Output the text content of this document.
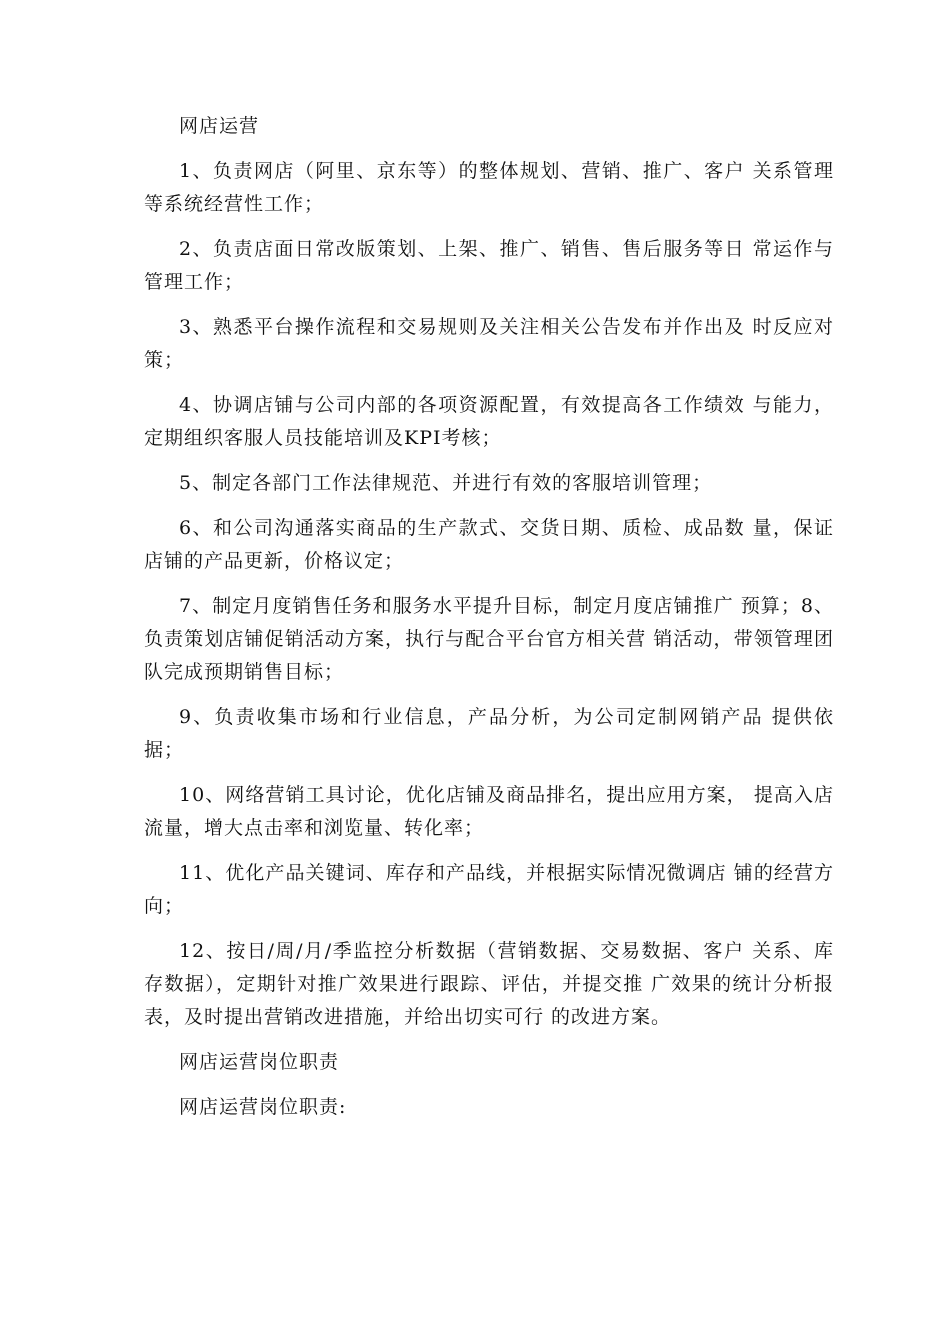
网店运营

1、负责网店（阿里、京东等）的整体规划、营销、推广、客户 关系管理等系统经营性工作；

2、负责店面日常改版策划、上架、推广、销售、售后服务等日 常运作与管理工作；

3、熟悉平台操作流程和交易规则及关注相关公告发布并作出及 时反应对策；

4、协调店铺与公司内部的各项资源配置，有效提高各工作绩效 与能力，定期组织客服人员技能培训及KPI考核；

5、制定各部门工作法律规范、并进行有效的客服培训管理；

6、和公司沟通落实商品的生产款式、交货日期、质检、成品数 量，保证店铺的产品更新，价格议定；

7、制定月度销售任务和服务水平提升目标，制定月度店铺推广 预算；8、负责策划店铺促销活动方案，执行与配合平台官方相关营 销活动，带领管理团队完成预期销售目标；

9、负责收集市场和行业信息，产品分析，为公司定制网销产品 提供依据；

10、网络营销工具讨论，优化店铺及商品排名，提出应用方案， 提高入店流量，增大点击率和浏览量、转化率；

11、优化产品关键词、库存和产品线，并根据实际情况微调店 铺的经营方向；

12、按日/周/月/季监控分析数据（营销数据、交易数据、客户 关系、库存数据），定期针对推广效果进行跟踪、评估，并提交推 广效果的统计分析报表，及时提出营销改进措施，并给出切实可行 的改进方案。

网店运营岗位职责

网店运营岗位职责:
